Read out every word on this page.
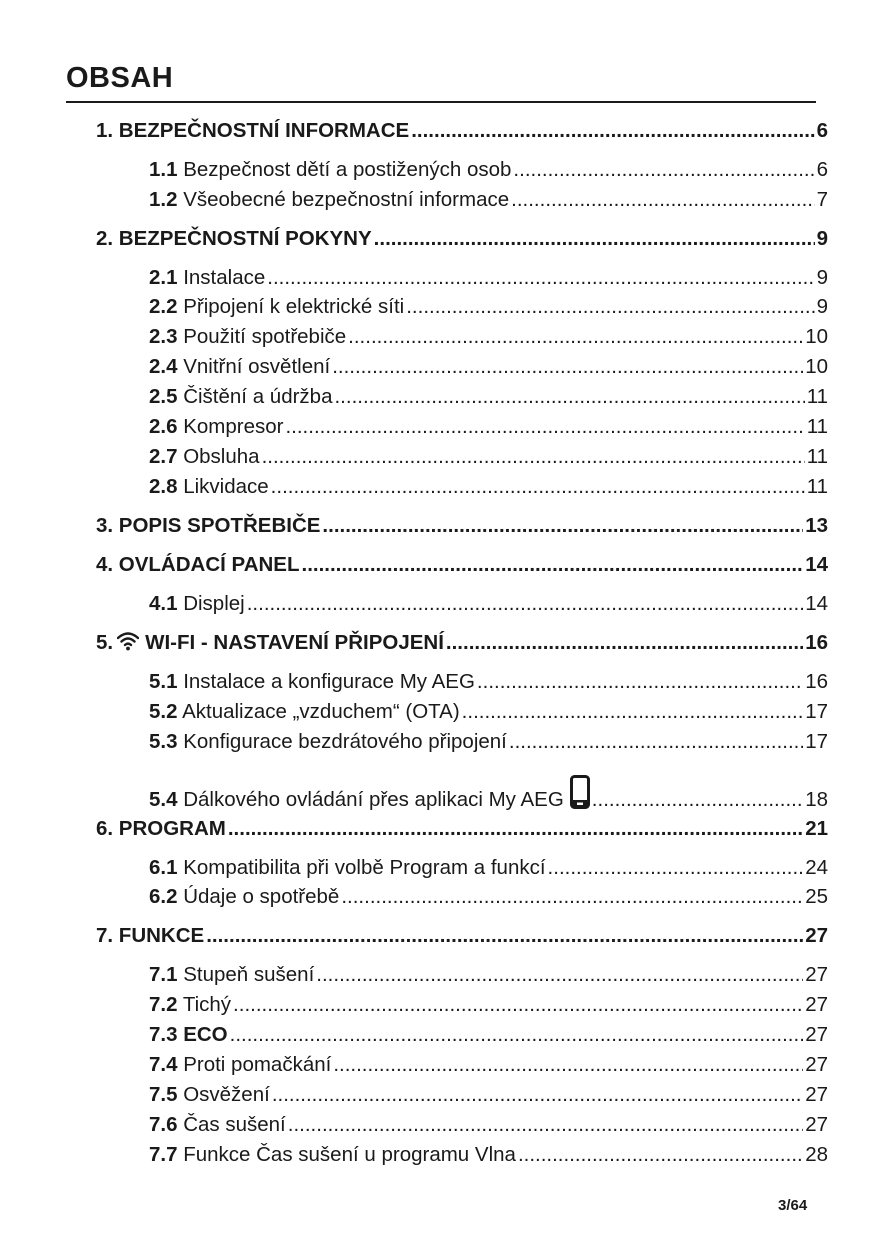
OBSAH
1. BEZPEČNOSTNÍ INFORMACE .....	6
1.1 Bezpečnost dětí a postižených osob .....	6
1.2 Všeobecné bezpečnostní informace .....	7
2. BEZPEČNOSTNÍ POKYNY .....	9
2.1 Instalace .....	9
2.2 Připojení k elektrické síti .....	9
2.3 Použití spotřebiče .....	10
2.4 Vnitřní osvětlení .....	10
2.5 Čištění a údržba .....	11
2.6 Kompresor .....	11
2.7 Obsluha .....	11
2.8 Likvidace .....	11
3. POPIS SPOTŘEBIČE .....	13
4. OVLÁDACÍ PANEL .....	14
4.1 Displej .....	14
5. WI-FI - NASTAVENÍ PŘIPOJENÍ .....	16
5.1 Instalace a konfigurace My AEG .....	16
5.2 Aktualizace „vzduchem“ (OTA) .....	17
5.3 Konfigurace bezdrátového připojení .....	17
5.4 Dálkového ovládání přes aplikaci My AEG .....	18
6. PROGRAM .....	21
6.1 Kompatibilita při volbě Program a funkcí .....	24
6.2 Údaje o spotřebě .....	25
7. FUNKCE .....	27
7.1 Stupeň sušení .....	27
7.2 Tichý .....	27
7.3 ECO .....	27
7.4 Proti pomačkání .....	27
7.5 Osvěžení .....	27
7.6 Čas sušení .....	27
7.7 Funkce Čas sušení u programu Vlna .....	28
3/64
